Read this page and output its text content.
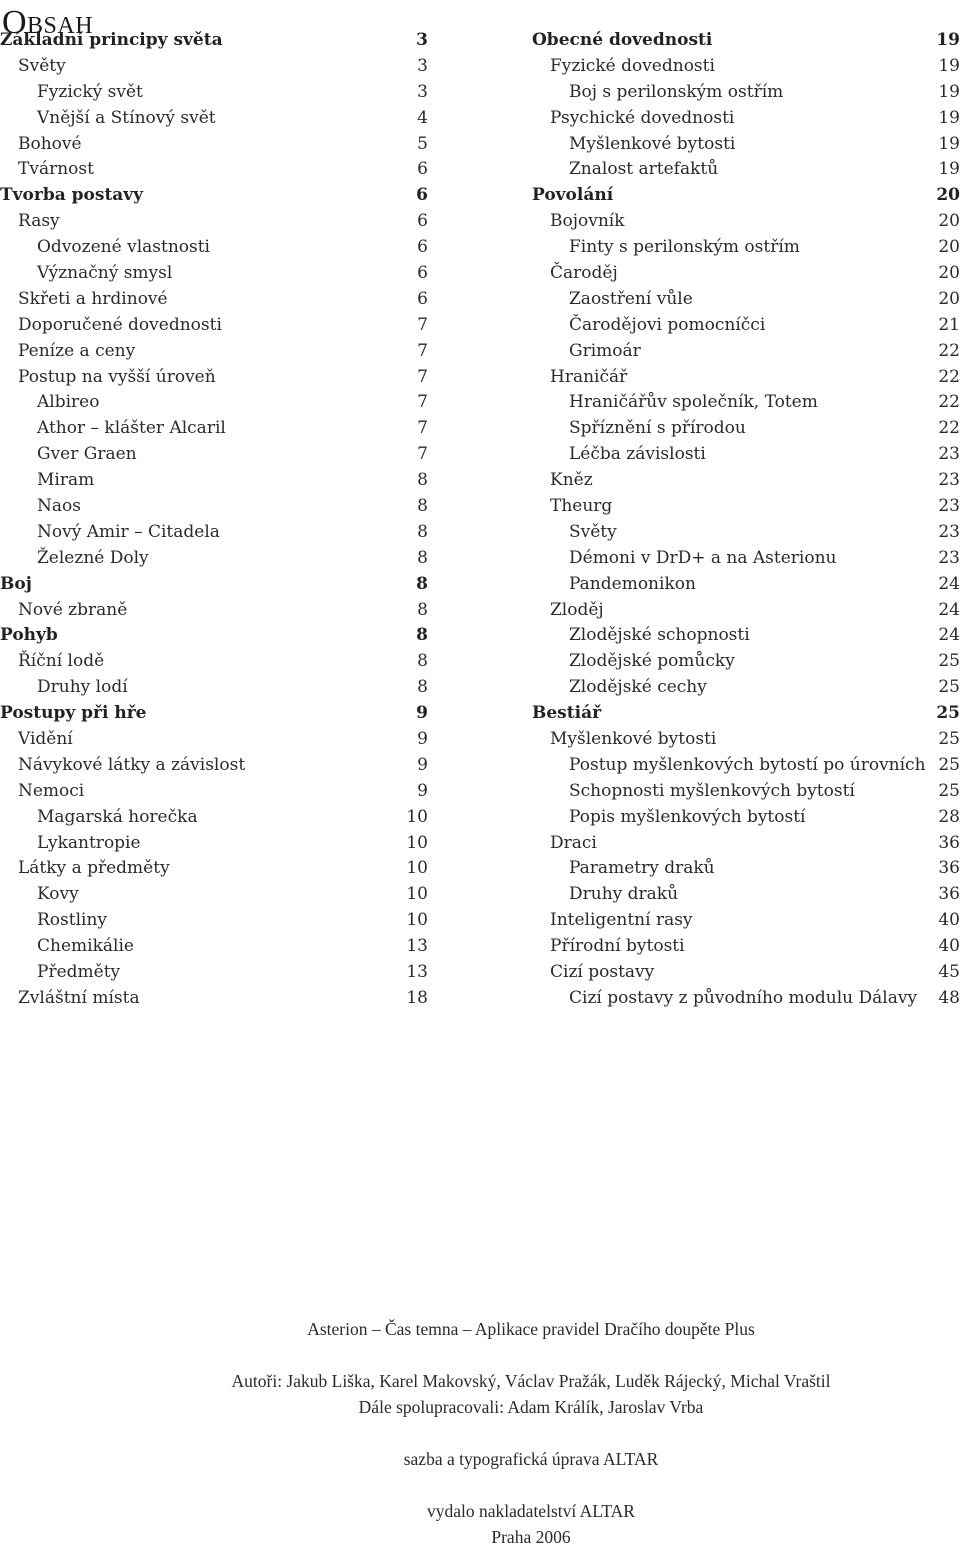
Obsah
Základní principy světa	3
Světy	3
Fyzický svět	3
Vnější a Stínový svět	4
Bohové	5
Tvárnost	6
Tvorba postavy	6
Rasy	6
Odvozené vlastnosti	6
Význačný smysl	6
Skřeti a hrdinové	6
Doporučené dovednosti	7
Peníze a ceny	7
Postup na vyšší úroveň	7
Albireo	7
Athor – klášter Alcaril	7
Gver Graen	7
Miram	8
Naos	8
Nový Amir – Citadela	8
Železné Doly	8
Boj	8
Nové zbraně	8
Pohyb	8
Říční lodě	8
Druhy lodí	8
Postupy při hře	9
Vidění	9
Návykové látky a závislost	9
Nemoci	9
Magarská horečka	10
Lykantropie	10
Látky a předměty	10
Kovy	10
Rostliny	10
Chemikálie	13
Předměty	13
Zvláštní místa	18
Obecné dovednosti	19
Fyzické dovednosti	19
Boj s perilonským ostřím	19
Psychické dovednosti	19
Myšlenkové bytosti	19
Znalost artefaktů	19
Povolání	20
Bojovník	20
Finty s perilonským ostřím	20
Čaroděj	20
Zaostření vůle	20
Čarodějovi pomocníčci	21
Grimoár	22
Hraničář	22
Hraničářův společník, Totem	22
Spříznění s přírodou	22
Léčba závislosti	23
Kněz	23
Theurg	23
Světy	23
Démoni v DrD+ a na Asterionu	23
Pandemonikon	24
Zloděj	24
Zlodějské schopnosti	24
Zlodějské pomůcky	25
Zlodějské cechy	25
Bestiář	25
Myšlenkové bytosti	25
Postup myšlenkových bytostí po úrovních 25
Schopnosti myšlenkových bytostí	25
Popis myšlenkových bytostí	28
Draci	36
Parametry draků	36
Druhy draků	36
Inteligentní rasy	40
Přírodní bytosti	40
Cizí postavy	45
Cizí postavy z původního modulu Dálavy 48
Asterion – Čas temna – Aplikace pravidel Dračího doupěte Plus
Autoři: Jakub Liška, Karel Makovský, Václav Pražák, Luděk Rájecký, Michal Vraštil
Dále spolupracovali: Adam Králík, Jaroslav Vrba
sazba a typografická úprava ALTAR
vydalo nakladatelství ALTAR
Praha 2006
